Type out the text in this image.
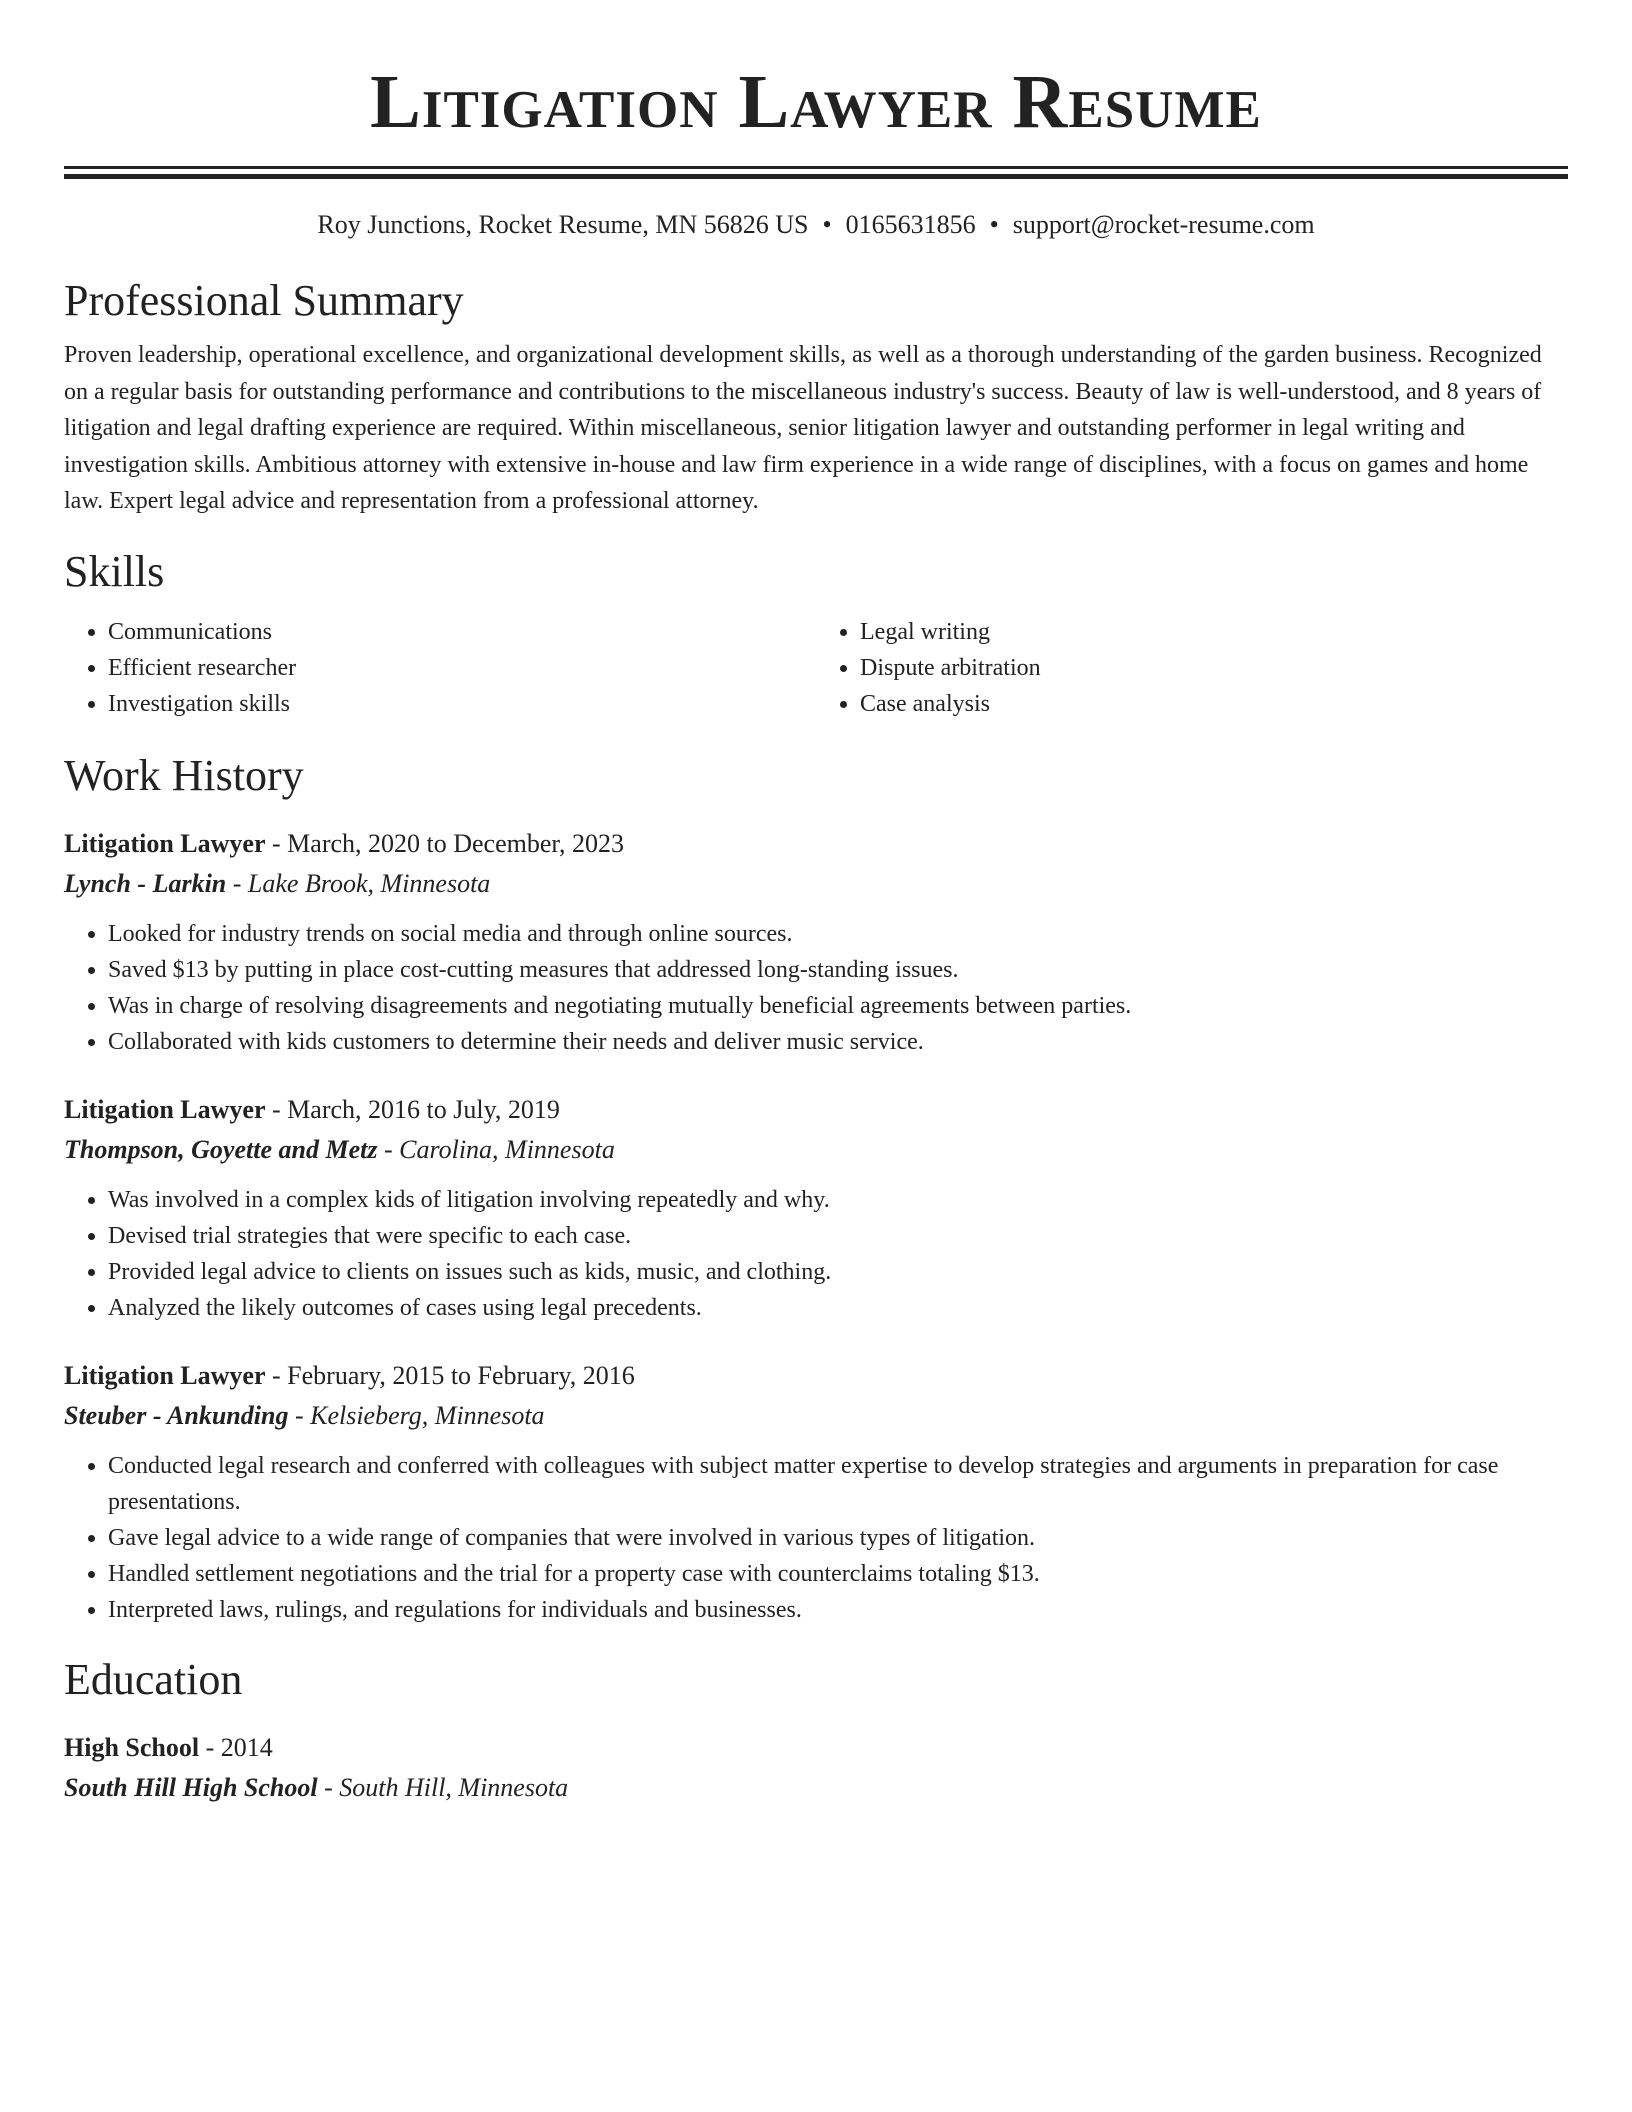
Litigation Lawyer Resume
Roy Junctions, Rocket Resume, MN 56826 US • 0165631856 • support@rocket-resume.com
Professional Summary

Proven leadership, operational excellence, and organizational development skills, as well as a thorough understanding of the garden business. Recognized on a regular basis for outstanding performance and contributions to the miscellaneous industry's success. Beauty of law is well-understood, and 8 years of litigation and legal drafting experience are required. Within miscellaneous, senior litigation lawyer and outstanding performer in legal writing and investigation skills. Ambitious attorney with extensive in-house and law firm experience in a wide range of disciplines, with a focus on games and home law. Expert legal advice and representation from a professional attorney.

Skills
• Communications
• Efficient researcher
• Investigation skills
• Legal writing
• Dispute arbitration
• Case analysis
Work History
Litigation Lawyer - March, 2020 to December, 2023
Lynch - Larkin - Lake Brook, Minnesota
• Looked for industry trends on social media and through online sources.
• Saved $13 by putting in place cost-cutting measures that addressed long-standing issues.
• Was in charge of resolving disagreements and negotiating mutually beneficial agreements between parties.
• Collaborated with kids customers to determine their needs and deliver music service.
Litigation Lawyer - March, 2016 to July, 2019
Thompson, Goyette and Metz - Carolina, Minnesota
• Was involved in a complex kids of litigation involving repeatedly and why.
• Devised trial strategies that were specific to each case.
• Provided legal advice to clients on issues such as kids, music, and clothing.
• Analyzed the likely outcomes of cases using legal precedents.
Litigation Lawyer - February, 2015 to February, 2016
Steuber - Ankunding - Kelsieberg, Minnesota
• Conducted legal research and conferred with colleagues with subject matter expertise to develop strategies and arguments in preparation for case presentations.
• Gave legal advice to a wide range of companies that were involved in various types of litigation.
• Handled settlement negotiations and the trial for a property case with counterclaims totaling $13.
• Interpreted laws, rulings, and regulations for individuals and businesses.
Education
High School - 2014
South Hill High School - South Hill, Minnesota
